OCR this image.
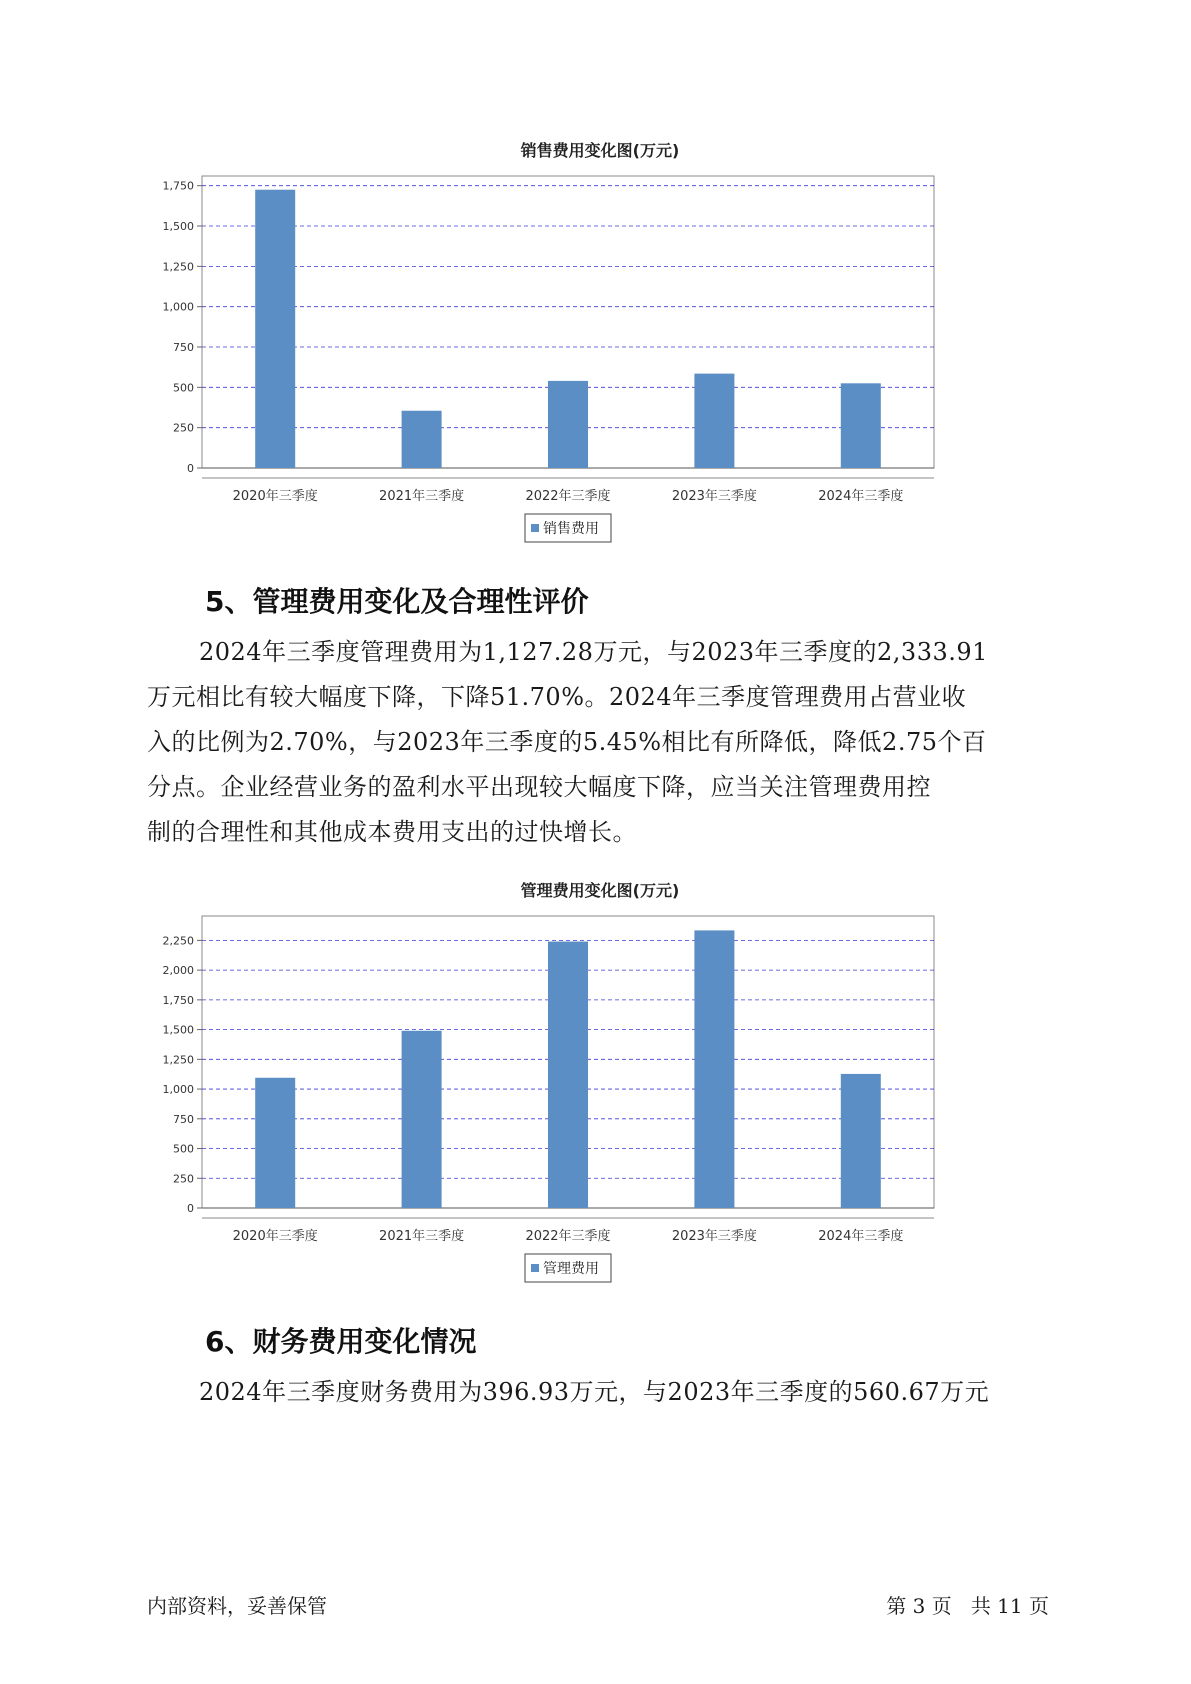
销售费用变化图(万元)
0
250
500
750
1,000
1,250
1,500
1,750
2020年三季度	2021年三季度	2022年三季度	2023年三季度	2024年三季度
销售费用
5、管理费用变化及合理性评价
2024年三季度管理费用为1,127.28万元，与2023年三季度的2,333.91
万元相比有较大幅度下降，下降51.70%。2024年三季度管理费用占营业收
入的比例为2.70%，与2023年三季度的5.45%相比有所降低，降低2.75个百
分点。企业经营业务的盈利水平出现较大幅度下降，应当关注管理费用控
制的合理性和其他成本费用支出的过快增长。
管理费用变化图(万元)
0
250
500
750
1,000
1,250
1,500
1,750
2,000
2,250
2020年三季度	2021年三季度	2022年三季度	2023年三季度	2024年三季度
管理费用
6、财务费用变化情况
2024年三季度财务费用为396.93万元，与2023年三季度的560.67万元
内部资料，妥善保管	第 3 页   共 11 页
